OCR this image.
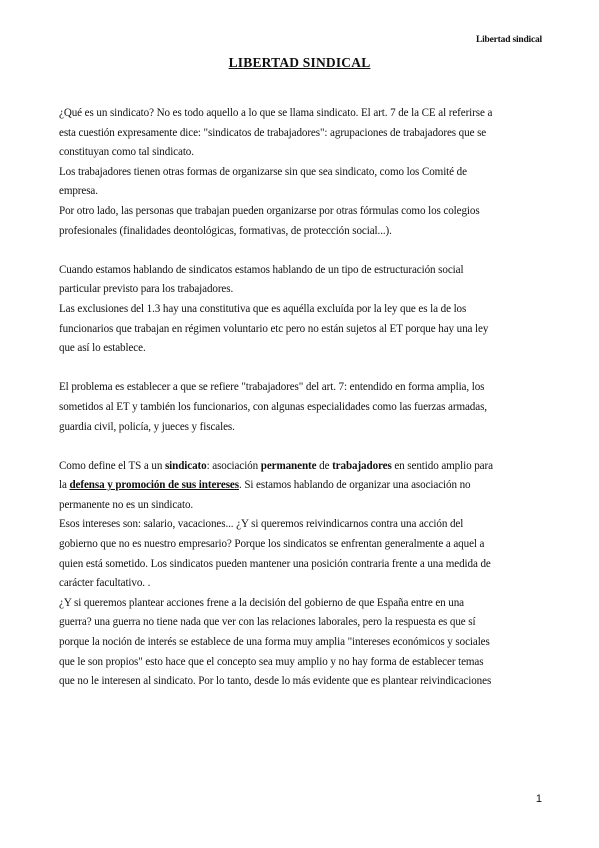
Libertad sindical
LIBERTAD SINDICAL
¿Qué es un sindicato? No es todo aquello a lo que se llama sindicato. El art. 7 de la CE al referirse a
esta cuestión expresamente dice: "sindicatos de trabajadores": agrupaciones de trabajadores que se
constituyan como tal sindicato.
Los trabajadores tienen otras formas de organizarse sin que sea sindicato, como los Comité de
empresa.
Por otro lado, las personas que trabajan pueden organizarse por otras fórmulas como los colegios
profesionales (finalidades deontológicas, formativas, de protección social...).
Cuando estamos hablando de sindicatos estamos hablando de un tipo de estructuración social
particular previsto para los trabajadores.
Las exclusiones del 1.3 hay una constitutiva que es aquélla excluída por la ley que es la de los
funcionarios que trabajan en régimen voluntario etc pero no están sujetos al ET porque hay una ley
que así lo establece.
El problema es establecer a que se refiere "trabajadores" del art. 7: entendido en forma amplia, los
sometidos al ET y también los funcionarios, con algunas especialidades como las fuerzas armadas,
guardia civil, policía, y jueces y fiscales.
Como define el TS a un sindicato: asociación permanente de trabajadores en sentido amplio para
la defensa y promoción de sus intereses. Si estamos hablando de organizar una asociación no
permanente no es un sindicato.
Esos intereses son: salario, vacaciones... ¿Y si queremos reivindicarnos contra una acción del
gobierno que no es nuestro empresario? Porque los sindicatos se enfrentan generalmente a aquel a
quien está sometido. Los sindicatos pueden mantener una posición contraria frente a una medida de
carácter facultativo. .
¿Y si queremos plantear acciones frene a la decisión del gobierno de que España entre en una
guerra? una guerra no tiene nada que ver con las relaciones laborales, pero la respuesta es que sí
porque la noción de interés se establece de una forma muy amplia "intereses económicos y sociales
que le son propios" esto hace que el concepto sea muy amplio y no hay forma de establecer temas
que no le interesen al sindicato. Por lo tanto, desde lo más evidente que es plantear reivindicaciones
1
